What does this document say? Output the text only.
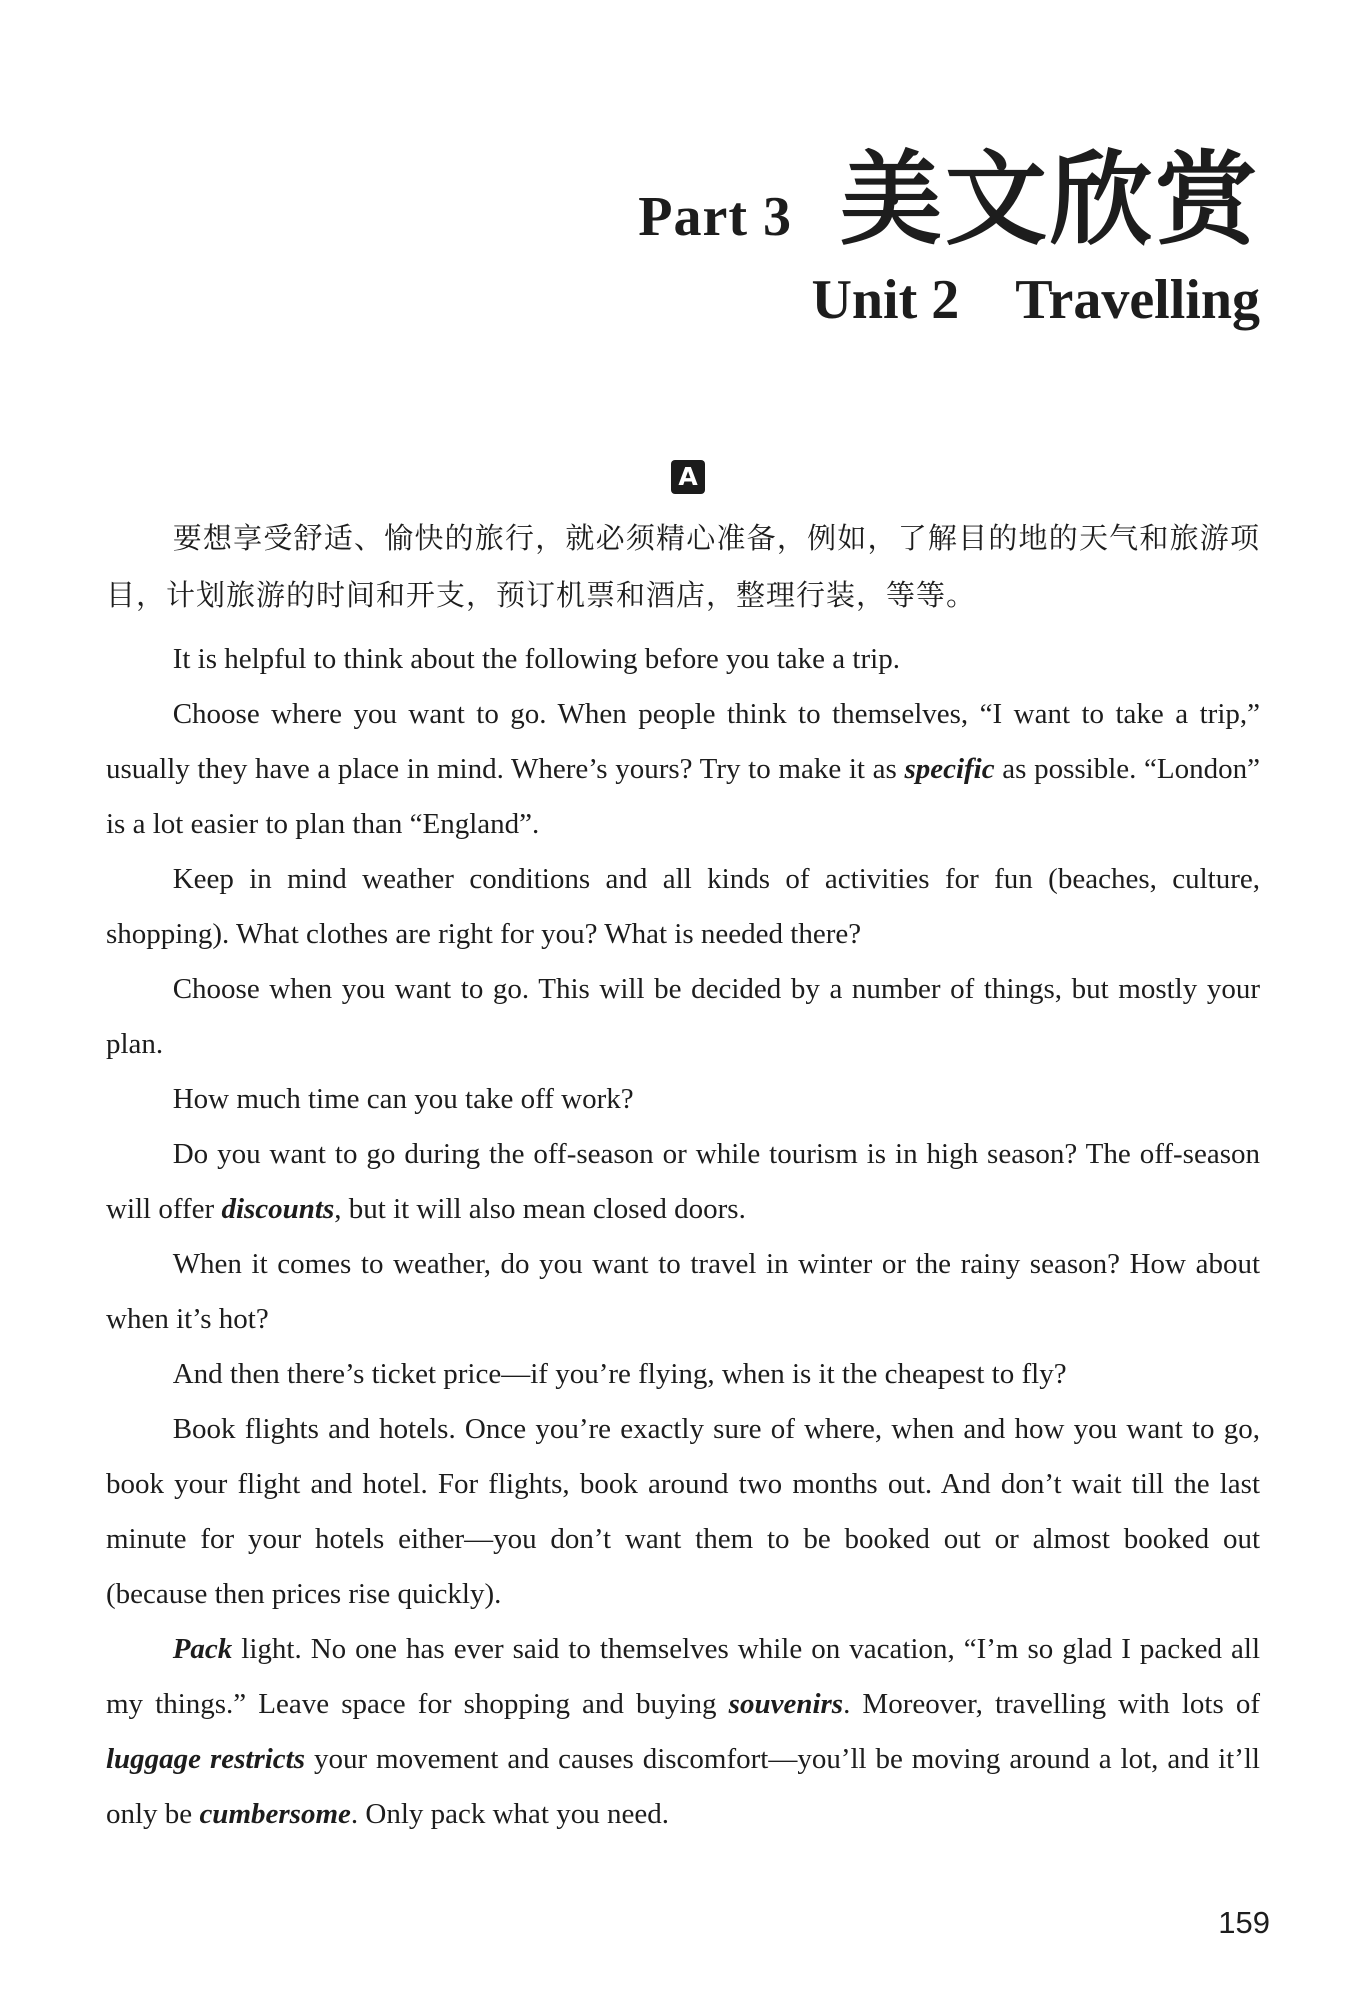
Part 3 美文欣赏
Unit 2 Travelling
A

要想享受舒适、愉快的旅行，就必须精心准备，例如，了解目的地的天气和旅游项目，计划旅游的时间和开支，预订机票和酒店，整理行装，等等。

It is helpful to think about the following before you take a trip.

Choose where you want to go. When people think to themselves, “I want to take a trip,” usually they have a place in mind. Where’s yours? Try to make it as specific as possible. “London” is a lot easier to plan than “England”.

Keep in mind weather conditions and all kinds of activities for fun (beaches, culture, shopping). What clothes are right for you? What is needed there?

Choose when you want to go. This will be decided by a number of things, but mostly your plan.

How much time can you take off work?

Do you want to go during the off-season or while tourism is in high season? The off-season will offer discounts, but it will also mean closed doors.

When it comes to weather, do you want to travel in winter or the rainy season? How about when it’s hot?

And then there’s ticket price—if you’re flying, when is it the cheapest to fly?

Book flights and hotels. Once you’re exactly sure of where, when and how you want to go, book your flight and hotel. For flights, book around two months out. And don’t wait till the last minute for your hotels either—you don’t want them to be booked out or almost booked out (because then prices rise quickly).

Pack light. No one has ever said to themselves while on vacation, “I’m so glad I packed all my things.” Leave space for shopping and buying souvenirs. Moreover, travelling with lots of luggage restricts your movement and causes discomfort—you’ll be moving around a lot, and it’ll only be cumbersome. Only pack what you need.

159
